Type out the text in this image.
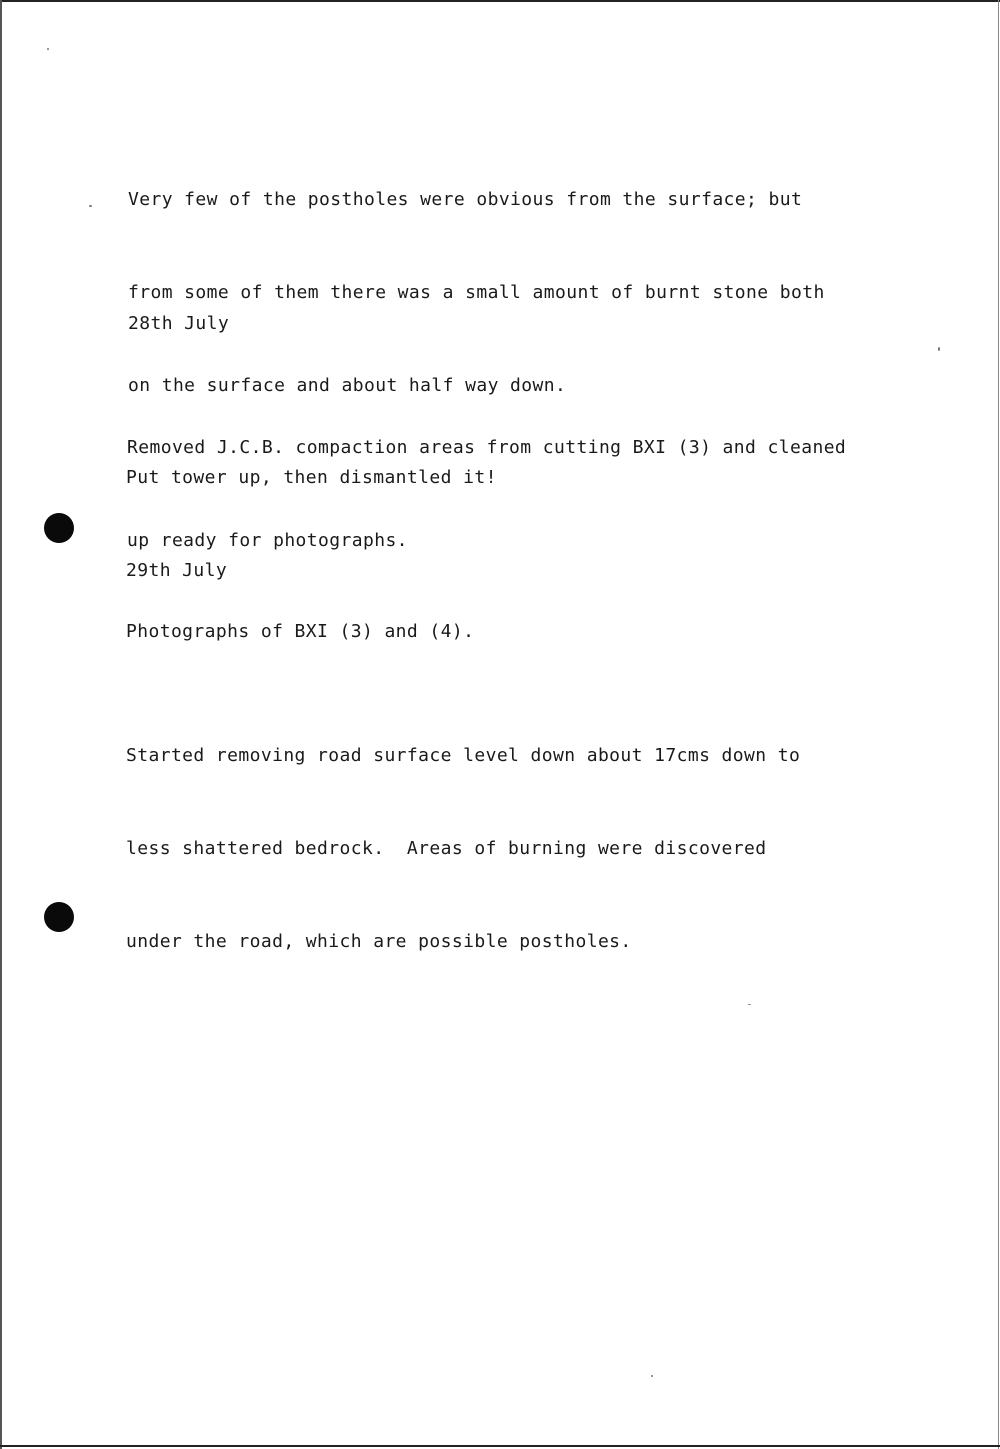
Very few of the postholes were obvious from the surface; but

from some of them there was a small amount of burnt stone both

on the surface and about half way down.

28th July

Removed J.C.B. compaction areas from cutting BXI (3) and cleaned

up ready for photographs.

Put tower up, then dismantled it!

29th July

Photographs of BXI (3) and (4).

Started removing road surface level down about 17cms down to

less shattered bedrock.  Areas of burning were discovered

under the road, which are possible postholes.
